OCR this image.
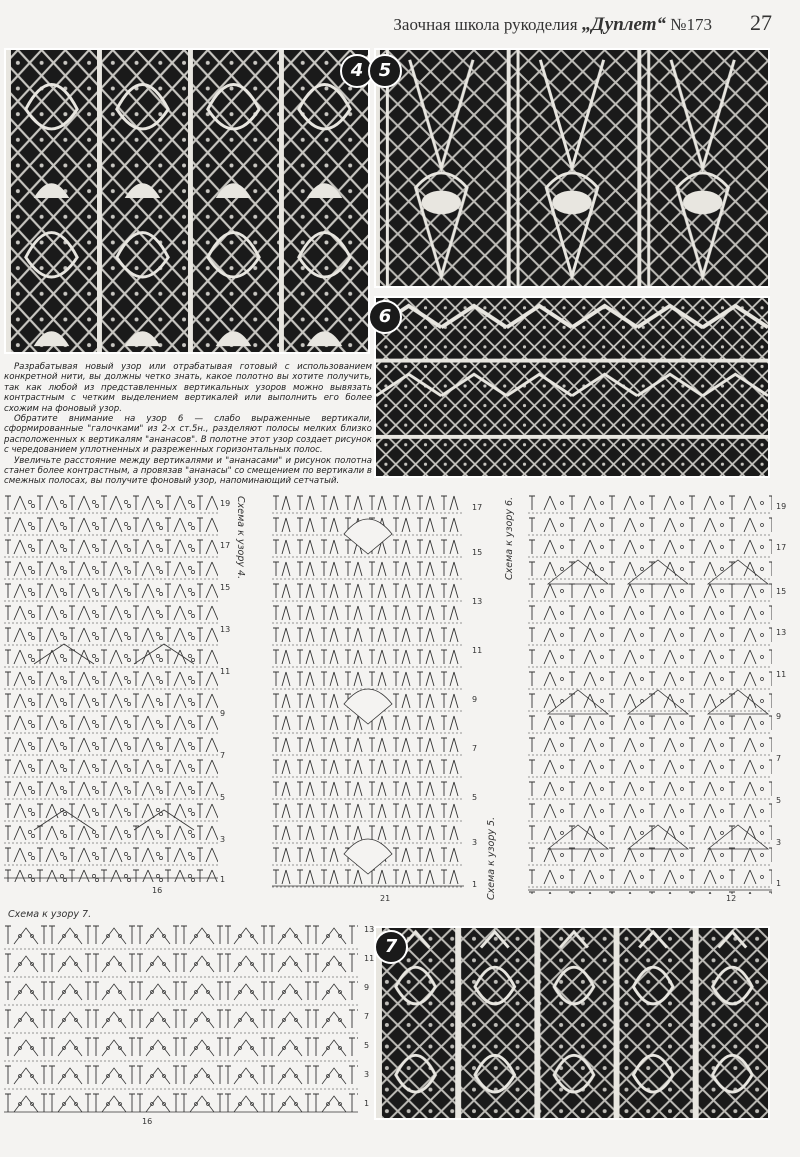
Заочная школа рукоделия „Дуплет“ №173 27
4 5
6

Разрабатывая новый узор или отрабатывая готовый с использованием конкретной нити, вы должны четко знать, какое полотно вы хотите получить, так как любой из представленных вертикальных узоров можно вывязать контрастным с четким выделением вертикалей или выполнить его более схожим на фоновый узор.

Обратите внимание на узор 6 — слабо выраженные вертикали, сформированные "галочками" из 2-х ст.5н., разделяют полосы мелких близко расположенных к вертикалям "ананасов". В полотне этот узор создает рисунок с чередованием уплотненных и разреженных горизонтальных полос.

Увеличьте расстояние между вертикалями и "ананасами" и рисунок полотна станет более контрастным, а провязав "ананасы" со смещением по вертикали в смежных полосах, вы получите фоновый узор, напоминающий сетчатый.

19
17
15
13
11
9
7
5
3
1
16
Схема к узору 4.	17
15
13
11
9
7
5
3
1
21	Схема к узору 5.
19
17
15
13
11
9
7
5
3
1
12
Схема к узору 6.
Схема к узору 7.
13
11
9
7
5
3
1
16
7
